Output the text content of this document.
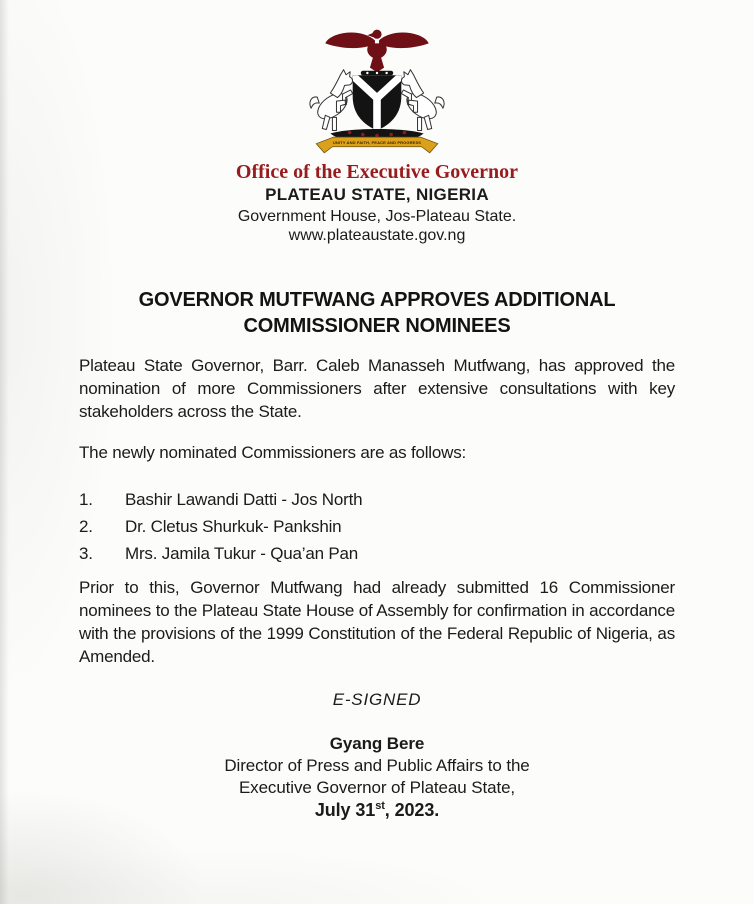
UNITY AND FAITH, PEACE AND PROGRESS
Office of the Executive Governor
PLATEAU STATE, NIGERIA
Government House, Jos-Plateau State.
www.plateaustate.gov.ng
GOVERNOR MUTFWANG APPROVES ADDITIONAL
COMMISSIONER NOMINEES

Plateau State Governor, Barr. Caleb Manasseh Mutfwang, has approved the nomination of more Commissioners after extensive consultations with key stakeholders across the State.

The newly nominated Commissioners are as follows:

1.	Bashir Lawandi Datti - Jos North
2.	Dr. Cletus Shurkuk- Pankshin
3.	Mrs. Jamila Tukur - Qua’an Pan

Prior to this, Governor Mutfwang had already submitted 16 Commissioner nominees to the Plateau State House of Assembly for confirmation in accordance with the provisions of the 1999 Constitution of the Federal Republic of Nigeria, as Amended.

E-SIGNED
Gyang Bere
Director of Press and Public Affairs to the
Executive Governor of Plateau State,
July 31st, 2023.
